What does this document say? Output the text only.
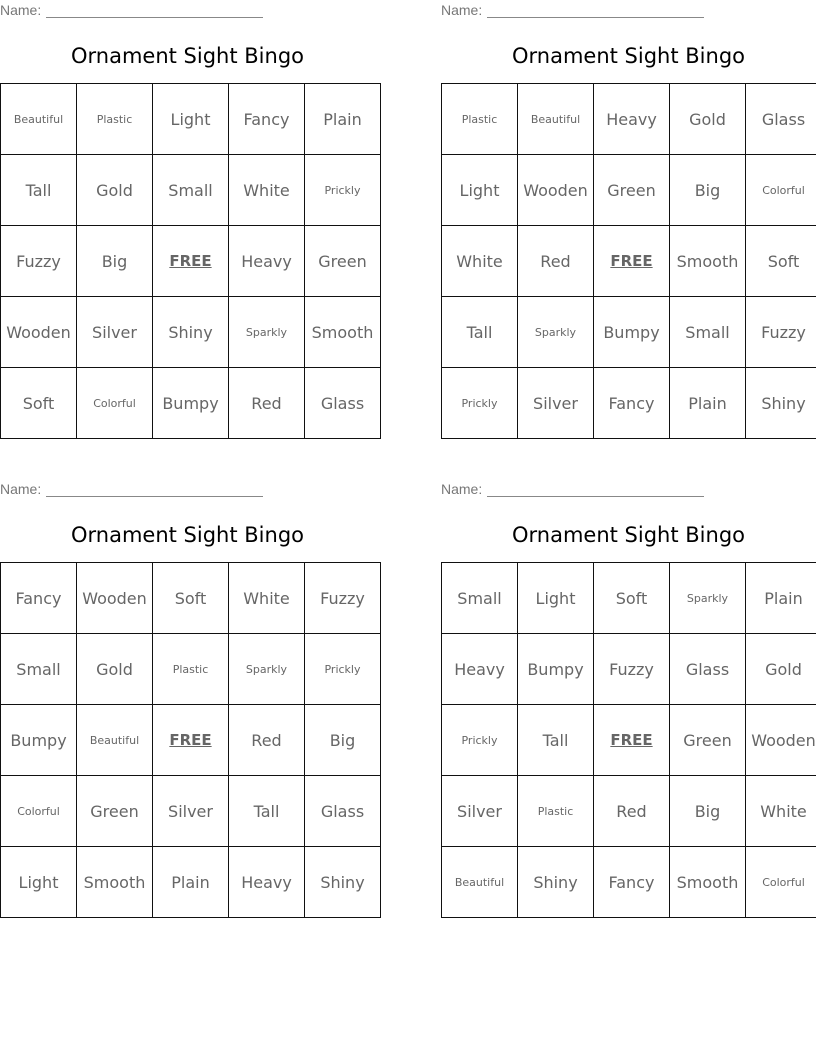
Name:
Ornament Sight Bingo
Beautiful	Plastic	Light	Fancy	Plain
Tall	Gold	Small	White	Prickly
Fuzzy	Big	FREE	Heavy	Green
Wooden	Silver	Shiny	Sparkly	Smooth
Soft	Colorful	Bumpy	Red	Glass
Name:
Ornament Sight Bingo
Plastic	Beautiful	Heavy	Gold	Glass
Light	Wooden	Green	Big	Colorful
White	Red	FREE	Smooth	Soft
Tall	Sparkly	Bumpy	Small	Fuzzy
Prickly	Silver	Fancy	Plain	Shiny
Name:
Ornament Sight Bingo
Fancy	Wooden	Soft	White	Fuzzy
Small	Gold	Plastic	Sparkly	Prickly
Bumpy	Beautiful	FREE	Red	Big
Colorful	Green	Silver	Tall	Glass
Light	Smooth	Plain	Heavy	Shiny
Name:
Ornament Sight Bingo
Small	Light	Soft	Sparkly	Plain
Heavy	Bumpy	Fuzzy	Glass	Gold
Prickly	Tall	FREE	Green	Wooden
Silver	Plastic	Red	Big	White
Beautiful	Shiny	Fancy	Smooth	Colorful
